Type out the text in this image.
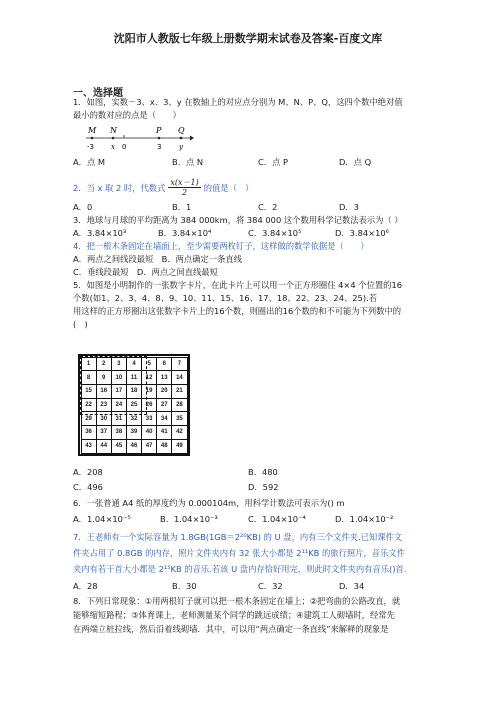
沈阳市人教版七年级上册数学期末试卷及答案-百度文库
一、选择题
1．如图，实数－3、x、3、y 在数轴上的对应点分别为 M、N、P、Q，这四个数中绝对值
最小的数对应的点是（　　）
M N	P Q
-3 x 0	3	y
A．点 M	B．点 N	C．点 P	D．点 Q
2．当 x 取 2 时，代数式 $\frac{x(x-1)}{2}$ 的值是（　）
A．0	B．1	C．2	D．3
3．地球与月球的平均距离为 384 000km，将 384 000 这个数用科学记数法表示为（ ）
A．3.84×10³	B．3.84×10⁴	C．3.84×10⁵	D．3.84×10⁶
4．把一根木条固定在墙面上，至少需要两枚钉子，这样做的数学依据是（　　）
A．两点之间线段最短　B．两点确定一条直线
C．垂线段最短　D．两点之间直线最短
5．如图是小明制作的一张数字卡片，在此卡片上可以用一个正方形圈住 4×4 个位置的16
个数(如1、2、3、4、8、9、10、11、15、16、17、18、22、23、24、25).若
用这样的正方形圈出这张数字卡片上的16个数，则圈出的16个数的和不可能为下列数中的
(　)
1	2	3	4	5	6	7
8	9	10	11	12	13	14
15	16	17	18	19	20	21
22	23	24	25	26	27	28
29	30	31	32	33	34	35
36	37	38	39	40	41	42
43	44	45	46	47	48	49
A．208	B．480
C．496	D．592
6．一张普通 A4 纸的厚度约为 0.000104m，用科学计数法可表示为() m
A．1.04×10⁻⁵	B．1.04×10⁻³	C．1.04×10⁻⁴	D．1.04×10⁻²
7．王老师有一个实际容量为 1.8GB(1GB＝2²⁰KB) 的 U 盘，内有三个文件夹.已知课件文
件夹占用了 0.8GB 的内存，照片文件夹内有 32 张大小都是 2¹¹KB 的旅行照片，音乐文件
夹内有若干首大小都是 2¹⁵KB 的音乐.若该 U 盘内存恰好用完，则此时文件夹内有音乐()首.
A．28	B．30	C．32	D．34
8．下列日常现象：①用两根钉子就可以把一根木条固定在墙上；②把弯曲的公路改直，就
能够缩短路程；③体育课上，老师测量某个同学的跳远成绩；④建筑工人砌墙时，经常先
在两端立桩拉线，然后沿着线砌墙．其中，可以用“两点确定一条直线”来解释的现象是
